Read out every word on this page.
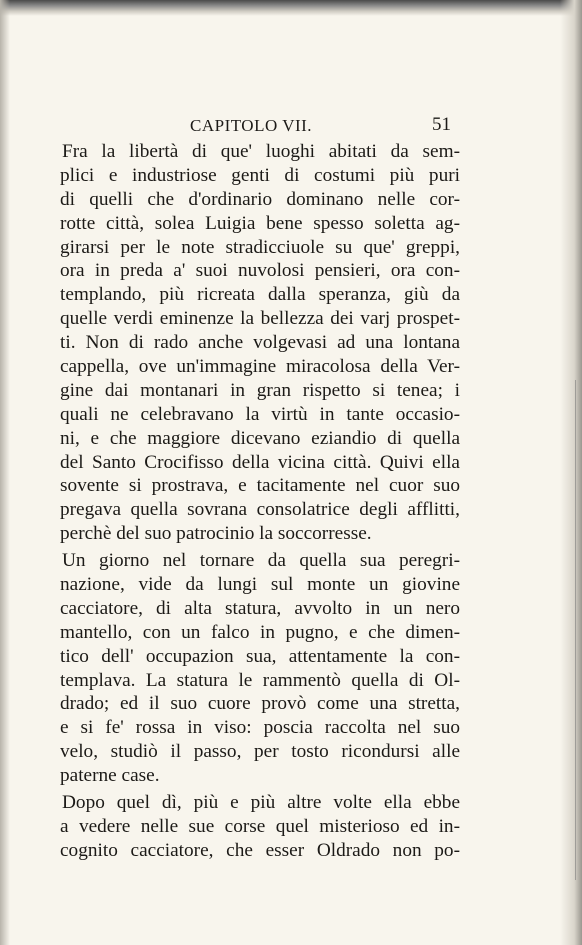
CAPITOLO VII.	51
Fra la libertà di que' luoghi abitati da sem-
plici e industriose genti di costumi più puri
di quelli che d'ordinario dominano nelle cor-
rotte città, solea Luigia bene spesso soletta ag-
girarsi per le note stradicciuole su que' greppi,
ora in preda a' suoi nuvolosi pensieri, ora con-
templando, più ricreata dalla speranza, giù da
quelle verdi eminenze la bellezza dei varj prospet-
ti. Non di rado anche volgevasi ad una lontana
cappella, ove un'immagine miracolosa della Ver-
gine dai montanari in gran rispetto si tenea; i
quali ne celebravano la virtù in tante occasio-
ni, e che maggiore dicevano eziandio di quella
del Santo Crocifisso della vicina città. Quivi ella
sovente si prostrava, e tacitamente nel cuor suo
pregava quella sovrana consolatrice degli afflitti,
perchè del suo patrocinio la soccorresse.
Un giorno nel tornare da quella sua peregri-
nazione, vide da lungi sul monte un giovine
cacciatore, di alta statura, avvolto in un nero
mantello, con un falco in pugno, e che dimen-
tico dell' occupazion sua, attentamente la con-
templava. La statura le rammentò quella di Ol-
drado; ed il suo cuore provò come una stretta,
e si fe' rossa in viso: poscia raccolta nel suo
velo, studiò il passo, per tosto ricondursi alle
paterne case.
Dopo quel dì, più e più altre volte ella ebbe
a vedere nelle sue corse quel misterioso ed in-
cognito cacciatore, che esser Oldrado non po-
